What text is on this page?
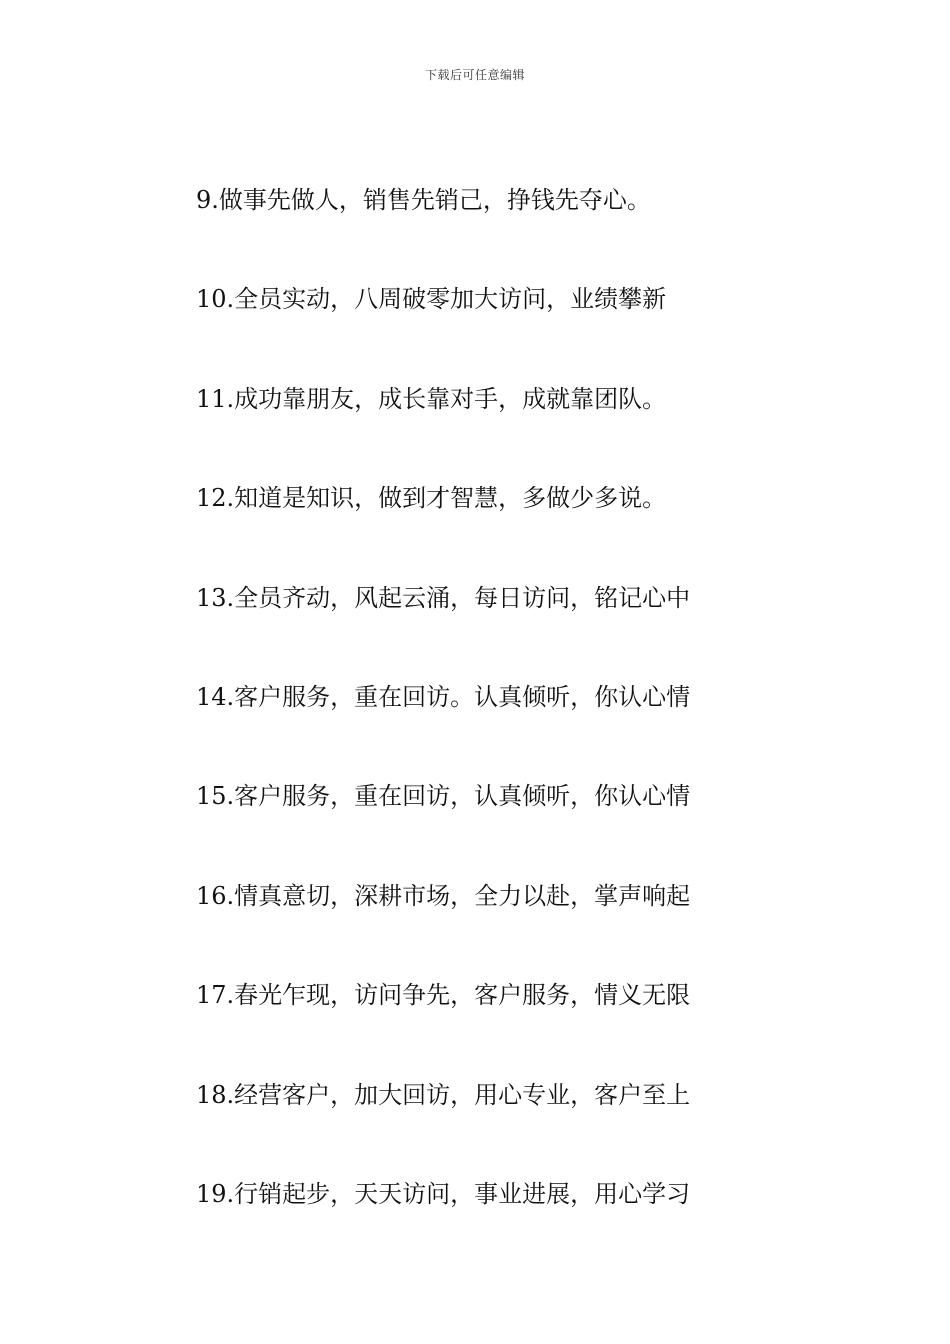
下载后可任意编辑
9.做事先做人，销售先销己，挣钱先夺心。
10.全员实动，八周破零加大访问，业绩攀新
11.成功靠朋友，成长靠对手，成就靠团队。
12.知道是知识，做到才智慧，多做少多说。
13.全员齐动，风起云涌，每日访问，铭记心中
14.客户服务，重在回访。认真倾听，你认心情
15.客户服务，重在回访，认真倾听，你认心情
16.情真意切，深耕市场，全力以赴，掌声响起
17.春光乍现，访问争先，客户服务，情义无限
18.经营客户，加大回访，用心专业，客户至上
19.行销起步，天天访问，事业进展，用心学习
